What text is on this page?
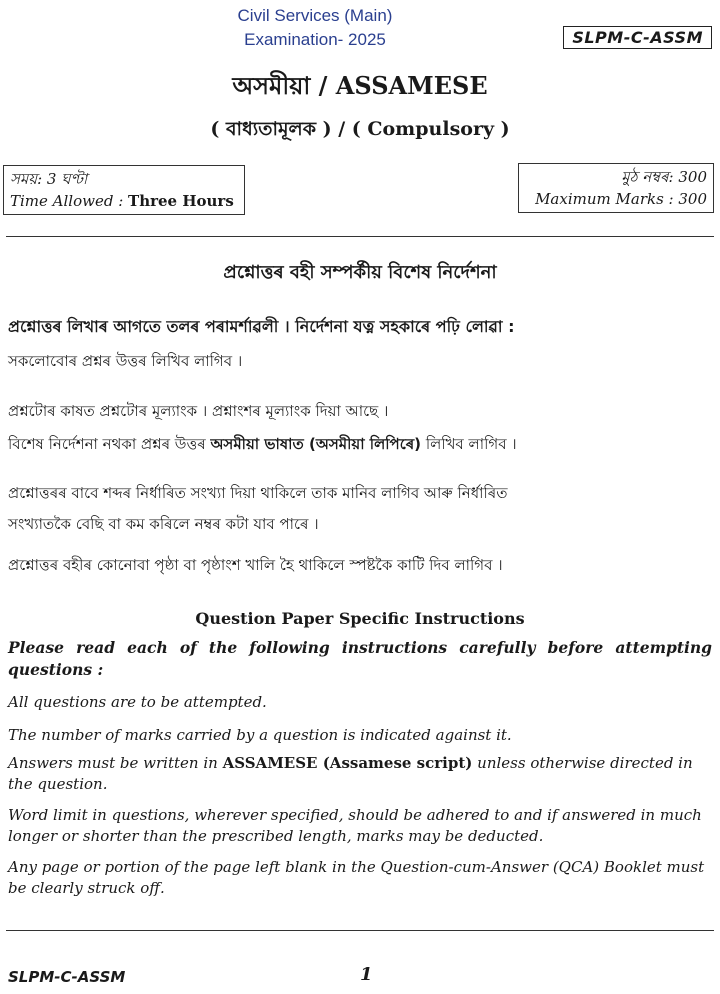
Civil Services (Main)
Examination- 2025	SLPM-C-ASSM
অসমীয়া / ASSAMESE
( বাধ্যতামূলক ) / ( Compulsory )
সময়: 3 ঘণ্টা
Time Allowed : Three Hours
মুঠ নম্বৰ: 300
Maximum Marks : 300
প্ৰশ্নোত্তৰ বহী সম্পৰ্কীয় বিশেষ নিৰ্দেশনা
প্ৰশ্নোত্তৰ লিখাৰ আগতে তলৰ পৰামৰ্শাৱলী । নিৰ্দেশনা যত্ন সহকাৰে পঢ়ি লোৱা :
সকলোবোৰ প্ৰশ্নৰ উত্তৰ লিখিব লাগিব ।
প্ৰশ্নটোৰ কাষত প্ৰশ্নটোৰ মূল্যাংক । প্ৰশ্নাংশৰ মূল্যাংক দিয়া আছে ।
বিশেষ নিৰ্দেশনা নথকা প্ৰশ্নৰ উত্তৰ অসমীয়া ভাষাত (অসমীয়া লিপিৰে) লিখিব লাগিব ।
প্ৰশ্নোত্তৰৰ বাবে শব্দৰ নিৰ্ধাৰিত সংখ্যা দিয়া থাকিলে তাক মানিব লাগিব আৰু নিৰ্ধাৰিত
সংখ্যাতকৈ বেছি বা কম কৰিলে নম্বৰ কটা যাব পাৰে ।
প্ৰশ্নোত্তৰ বহীৰ কোনোবা পৃষ্ঠা বা পৃষ্ঠাংশ খালি হৈ থাকিলে স্পষ্টকৈ কাটি দিব লাগিব ।
Question Paper Specific Instructions
Please read each of the following instructions carefully before attempting questions :
All questions are to be attempted.
The number of marks carried by a question is indicated against it.
Answers must be written in ASSAMESE (Assamese script) unless otherwise directed in the question.
Word limit in questions, wherever specified, should be adhered to and if answered in much longer or shorter than the prescribed length, marks may be deducted.
Any page or portion of the page left blank in the Question-cum-Answer (QCA) Booklet must be clearly struck off.
SLPM-C-ASSM	1
